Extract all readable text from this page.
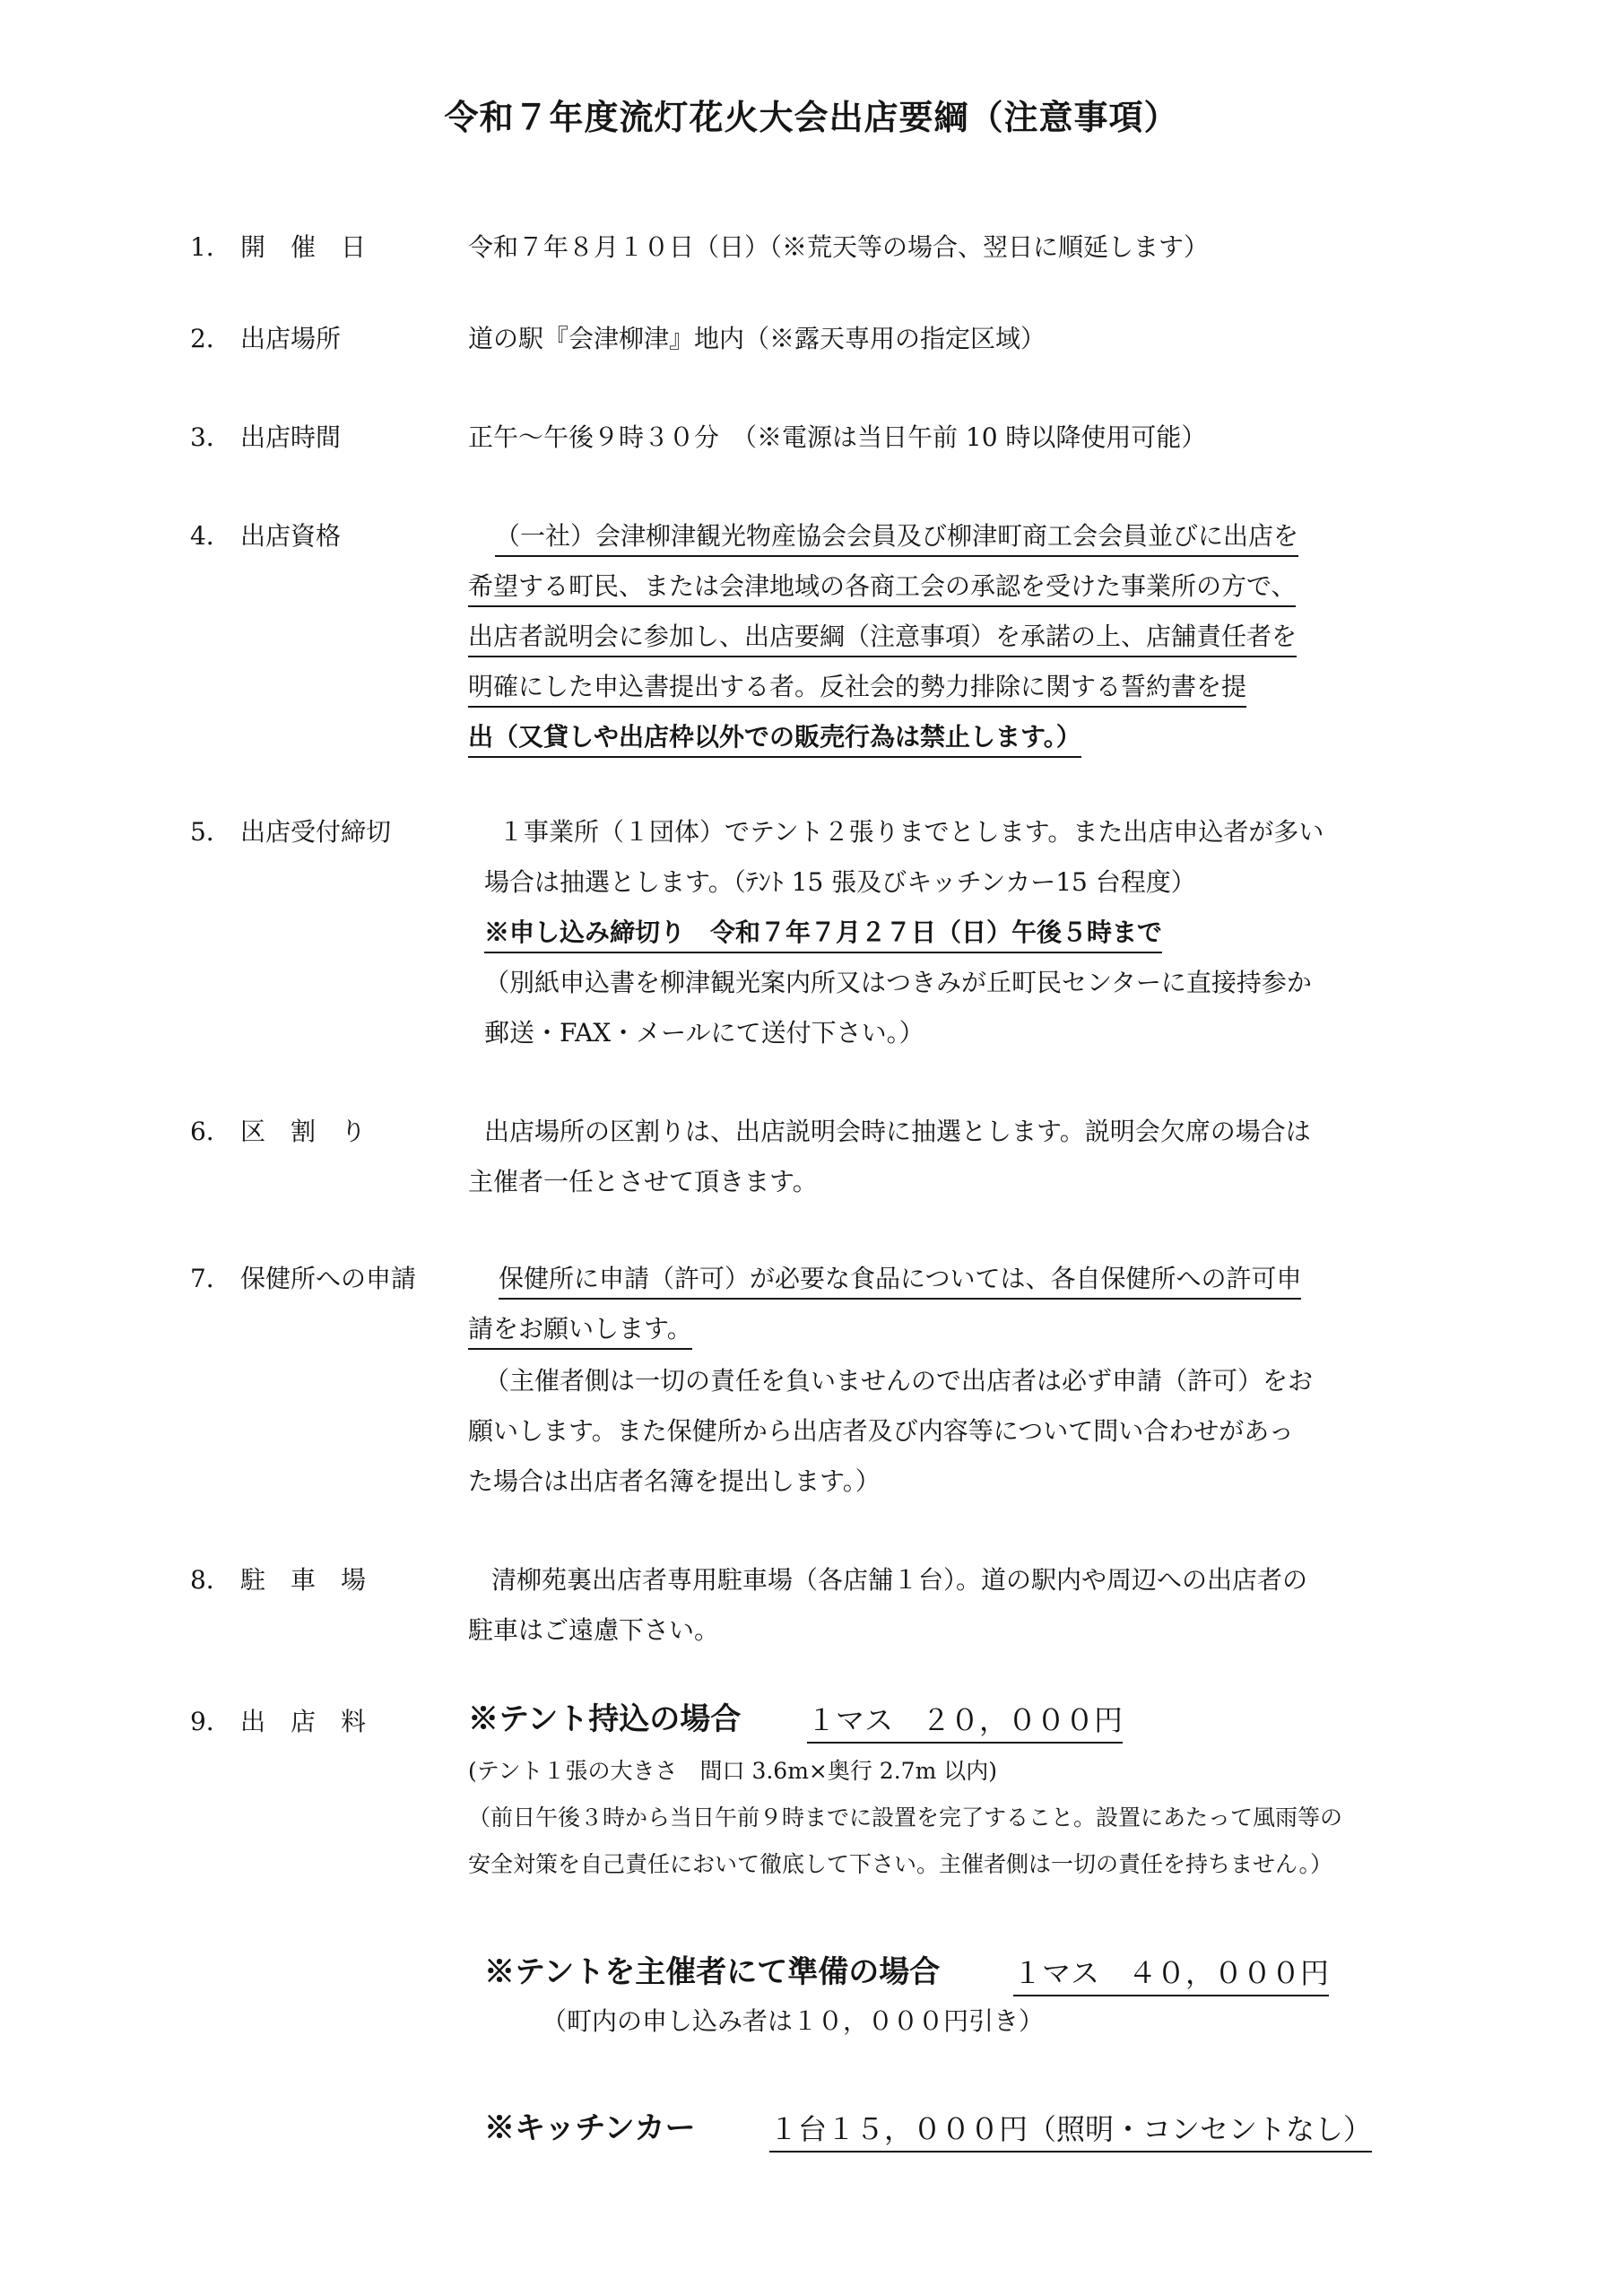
令和７年度流灯花火大会出店要綱（注意事項）
1． 開　催　日	令和７年８月１０日（日）（※荒天等の場合、翌日に順延します）
2． 出店場所	道の駅『会津柳津』地内（※露天専用の指定区域）
3． 出店時間	正午～午後９時３０分　（※電源は当日午前 10 時以降使用可能）
4． 出店資格	（一社）会津柳津観光物産協会会員及び柳津町商工会会員並びに出店を
希望する町民、または会津地域の各商工会の承認を受けた事業所の方で、
出店者説明会に参加し、出店要綱（注意事項）を承諾の上、店舗責任者を
明確にした申込書提出する者。反社会的勢力排除に関する誓約書を提
出（又貸しや出店枠以外での販売行為は禁止します。）
5． 出店受付締切	１事業所（１団体）でテント２張りまでとします。また出店申込者が多い
場合は抽選とします。（ﾃﾝﾄ 15 張及びキッチンカー15 台程度）
※申し込み締切り　令和７年７月２７日（日）午後５時まで
（別紙申込書を柳津観光案内所又はつきみが丘町民センターに直接持参か
郵送・FAX・メールにて送付下さい。）
6． 区　割　り	出店場所の区割りは、出店説明会時に抽選とします。説明会欠席の場合は
主催者一任とさせて頂きます。
7． 保健所への申請	保健所に申請（許可）が必要な食品については、各自保健所への許可申
請をお願いします。
（主催者側は一切の責任を負いませんので出店者は必ず申請（許可）をお
願いします。また保健所から出店者及び内容等について問い合わせがあっ
た場合は出店者名簿を提出します。）
8． 駐　車　場	清柳苑裏出店者専用駐車場（各店舗１台）。道の駅内や周辺への出店者の
駐車はご遠慮下さい。
9． 出　店　料	※テント持込の場合 １マス　２０，０００円
(テント１張の大きさ　間口 3.6m×奥行 2.7m 以内)
（前日午後３時から当日午前９時までに設置を完了すること。設置にあたって風雨等の
安全対策を自己責任において徹底して下さい。主催者側は一切の責任を持ちません。）
※テントを主催者にて準備の場合	１マス　４０，０００円
（町内の申し込み者は１０，０００円引き）
※キッチンカー	１台１５，０００円（照明・コンセントなし）
